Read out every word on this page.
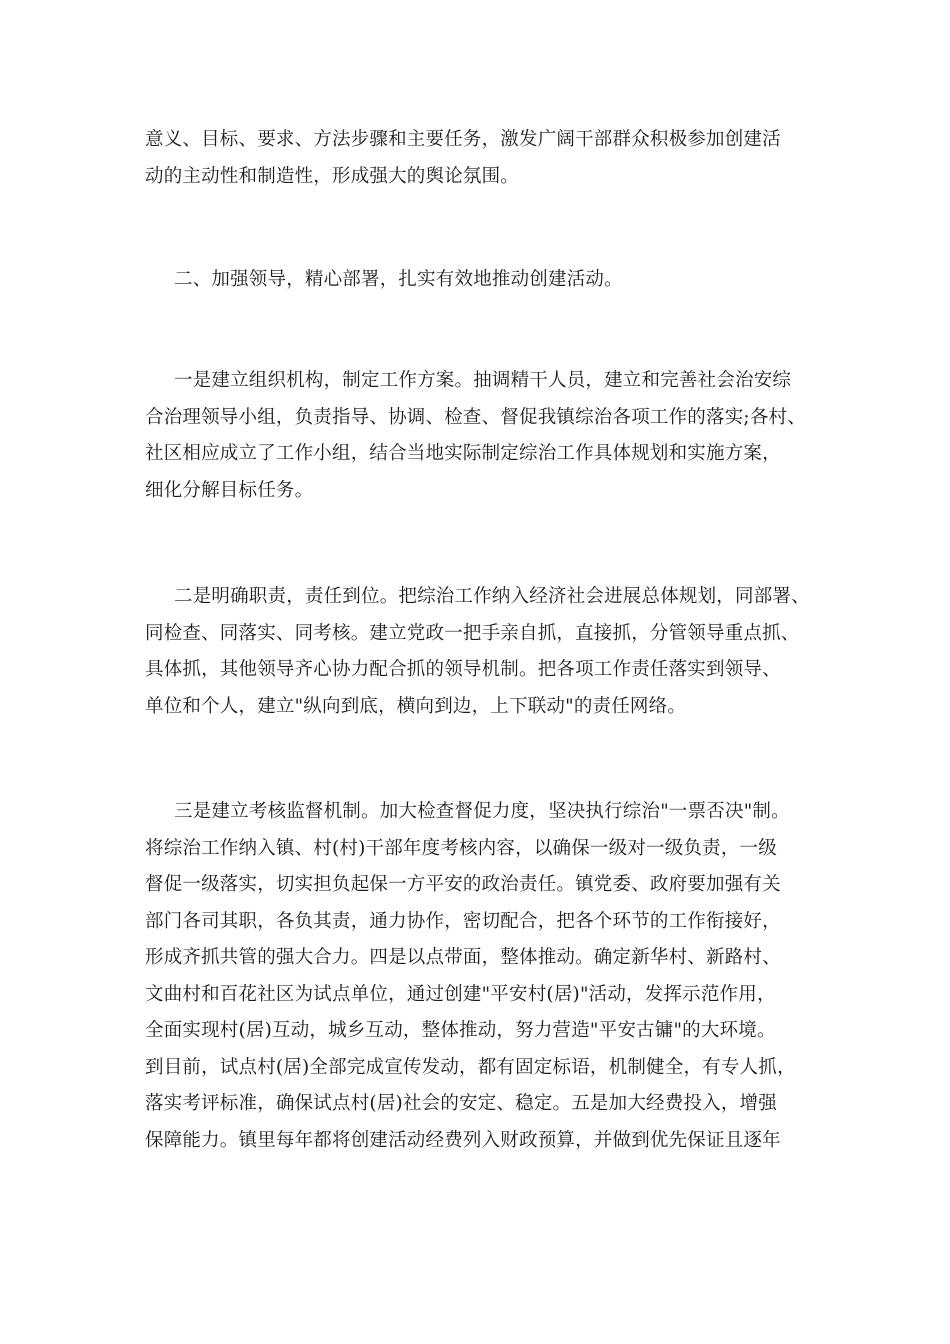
意义、目标、要求、方法步骤和主要任务，激发广阔干部群众积极参加创建活
动的主动性和制造性，形成强大的舆论氛围。
二、加强领导，精心部署，扎实有效地推动创建活动。
一是建立组织机构，制定工作方案。抽调精干人员，建立和完善社会治安综
合治理领导小组，负责指导、协调、检查、督促我镇综治各项工作的落实;各村、
社区相应成立了工作小组，结合当地实际制定综治工作具体规划和实施方案，
细化分解目标任务。
二是明确职责，责任到位。把综治工作纳入经济社会进展总体规划，同部署、
同检查、同落实、同考核。建立党政一把手亲自抓，直接抓，分管领导重点抓、
具体抓，其他领导齐心协力配合抓的领导机制。把各项工作责任落实到领导、
单位和个人，建立"纵向到底，横向到边，上下联动"的责任网络。
三是建立考核监督机制。加大检查督促力度，坚决执行综治"一票否决"制。
将综治工作纳入镇、村(村)干部年度考核内容，以确保一级对一级负责，一级
督促一级落实，切实担负起保一方平安的政治责任。镇党委、政府要加强有关
部门各司其职，各负其责，通力协作，密切配合，把各个环节的工作衔接好，
形成齐抓共管的强大合力。四是以点带面，整体推动。确定新华村、新路村、
文曲村和百花社区为试点单位，通过创建"平安村(居)"活动，发挥示范作用，
全面实现村(居)互动，城乡互动，整体推动，努力营造"平安古镛"的大环境。
到目前，试点村(居)全部完成宣传发动，都有固定标语，机制健全，有专人抓，
落实考评标准，确保试点村(居)社会的安定、稳定。五是加大经费投入，增强
保障能力。镇里每年都将创建活动经费列入财政预算，并做到优先保证且逐年
